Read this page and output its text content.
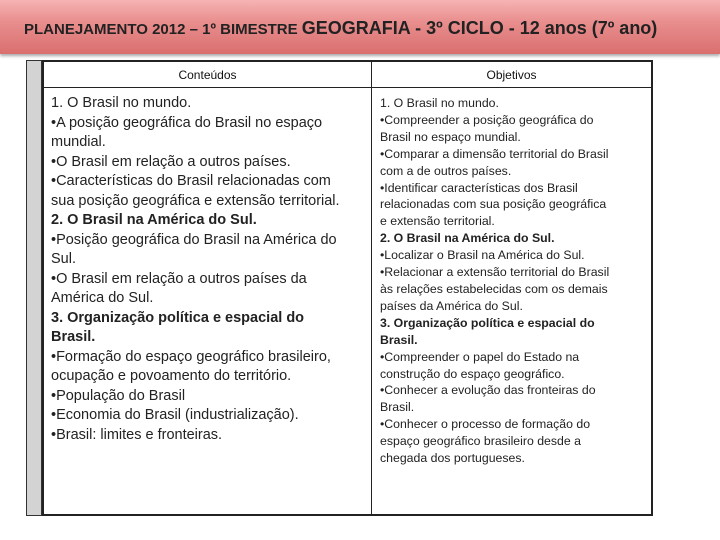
PLANEJAMENTO 2012 – 1º BIMESTRE GEOGRAFIA - 3º CICLO - 12 anos (7º ano)
Conteúdos	Objetivos
1. O Brasil no mundo.
•A posição geográfica do Brasil no espaço
mundial.
•O Brasil em relação a outros países.
•Características do Brasil relacionadas com
sua posição geográfica e extensão territorial.
2. O Brasil na América do Sul.
•Posição geográfica do Brasil na América do
Sul.
•O Brasil em relação a outros países da
América do Sul.
3. Organização política e espacial do
Brasil.
•Formação do espaço geográfico brasileiro,
ocupação e povoamento do território.
•População do Brasil
•Economia do Brasil (industrialização).
•Brasil: limites e fronteiras.
1. O Brasil no mundo.
•Compreender a posição geográfica do
Brasil no espaço mundial.
•Comparar a dimensão territorial do Brasil
com a de outros países.
•Identificar características dos Brasil
relacionadas com sua posição geográfica
e extensão territorial.
2. O Brasil na América do Sul.
•Localizar o Brasil na América do Sul.
•Relacionar a extensão territorial do Brasil
às relações estabelecidas com os demais
países da América do Sul.
3. Organização política e espacial do
Brasil.
•Compreender o papel do Estado na
construção do espaço geográfico.
•Conhecer a evolução das fronteiras do
Brasil.
•Conhecer o processo de formação do
espaço geográfico brasileiro desde a
chegada dos portugueses.
